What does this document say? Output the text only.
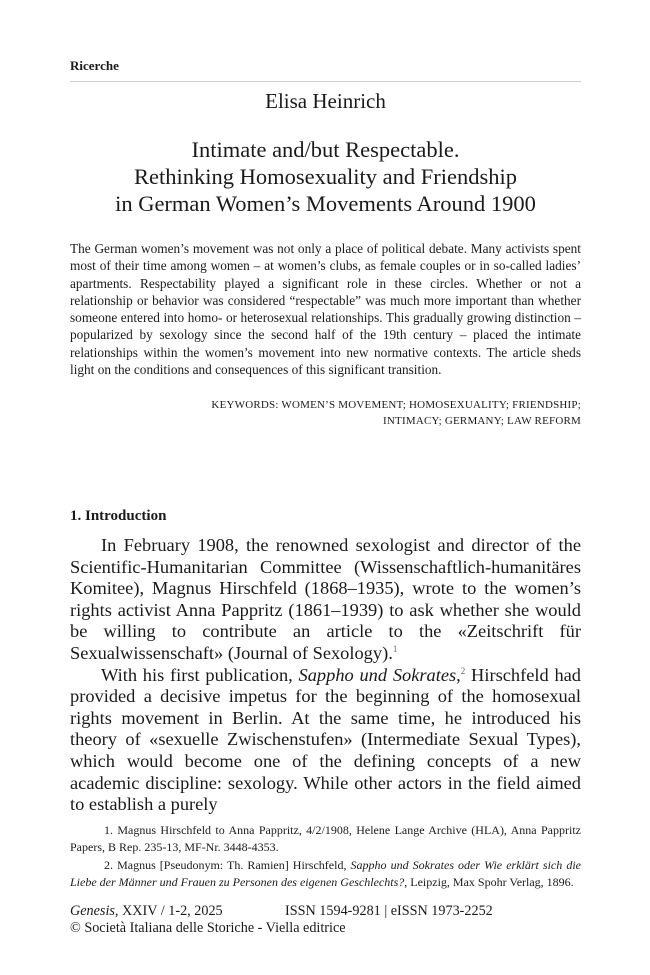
Ricerche
Elisa Heinrich
Intimate and/but Respectable.
Rethinking Homosexuality and Friendship
in German Women’s Movements Around 1900
The German women’s movement was not only a place of political debate. Many activists spent most of their time among women – at women’s clubs, as female couples or in so-called ladies’ apartments. Respectability played a significant role in these circles. Whether or not a relationship or behavior was considered “respectable” was much more important than whether someone entered into homo- or heterosexual relationships. This gradually growing distinction – popularized by sexology since the second half of the 19th century – placed the intimate relationships within the women’s movement into new normative contexts. The article sheds light on the conditions and consequences of this significant transition.
KEYWORDS: WOMEN’S MOVEMENT; HOMOSEXUALITY; FRIENDSHIP;
INTIMACY; GERMANY; LAW REFORM
1. Introduction

In February 1908, the renowned sexologist and director of the Scientific-Humanitarian Committee (Wissenschaftlich-humanitäres Komitee), Magnus Hirschfeld (1868–1935), wrote to the women’s rights activist Anna Pappritz (1861–1939) to ask whether she would be willing to contribute an article to the «Zeitschrift für Sexualwissenschaft» (Journal of Sexology).$^1$

With his first publication, Sappho und Sokrates,$^2$ Hirschfeld had provided a decisive impetus for the beginning of the homosexual rights movement in Berlin. At the same time, he introduced his theory of «sexuelle Zwischenstufen» (Intermediate Sexual Types), which would become one of the defining concepts of a new academic discipline: sexology. While other actors in the field aimed to establish a purely

1. Magnus Hirschfeld to Anna Pappritz, 4/2/1908, Helene Lange Archive (HLA), Anna Pappritz Papers, B Rep. 235-13, MF-Nr. 3448-4353.

2. Magnus [Pseudonym: Th. Ramien] Hirschfeld, Sappho und Sokrates oder Wie erklärt sich die Liebe der Männer und Frauen zu Personen des eigenen Geschlechts?, Leipzig, Max Spohr Verlag, 1896.

Genesis, XXIV / 1-2, 2025	ISSN 1594-9281 | eISSN 1973-2252
© Società Italiana delle Storiche - Viella editrice
